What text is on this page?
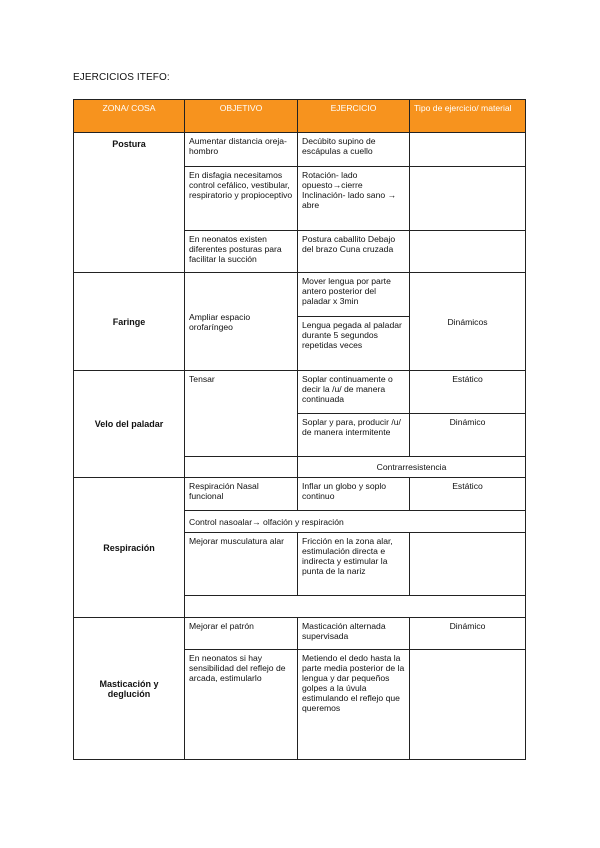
EJERCICIOS ITEFO:
ZONA/ COSA	OBJETIVO	EJERCICIO	Tipo de ejercicio/ material
Postura	Aumentar distancia oreja-hombro	Decúbito supino de escápulas a cuello	
	En disfagia necesitamos control cefálico, vestibular, respiratorio y propioceptivo	Rotación- lado opuesto→cierre Inclinación- lado sano → abre	
	En neonatos existen diferentes posturas para facilitar la succión	Postura caballito Debajo del brazo Cuna cruzada	
Faringe	Ampliar espacio orofaríngeo	Mover lengua por parte antero posterior del paladar x 3min	Dinámicos
		Lengua pegada al paladar durante 5 segundos repetidas veces	
Velo del paladar	Tensar	Soplar continuamente o decir la /u/ de manera continuada	Estático
		Soplar y para, producir /u/ de manera intermitente	Dinámico
		Contrarresistencia	
Respiración	Respiración Nasal funcional	Inflar un globo y soplo continuo	Estático
	Control nasoalar→ olfación y respiración		
	Mejorar musculatura alar	Fricción en la zona alar, estimulación directa e indirecta y estimular la punta de la nariz	

Masticación y deglución	Mejorar el patrón	Masticación alternada supervisada	Dinámico
	En neonatos si hay sensibilidad del reflejo de arcada, estimularlo	Metiendo el dedo hasta la parte media posterior de la lengua y dar pequeños golpes a la úvula estimulando el reflejo que queremos	
